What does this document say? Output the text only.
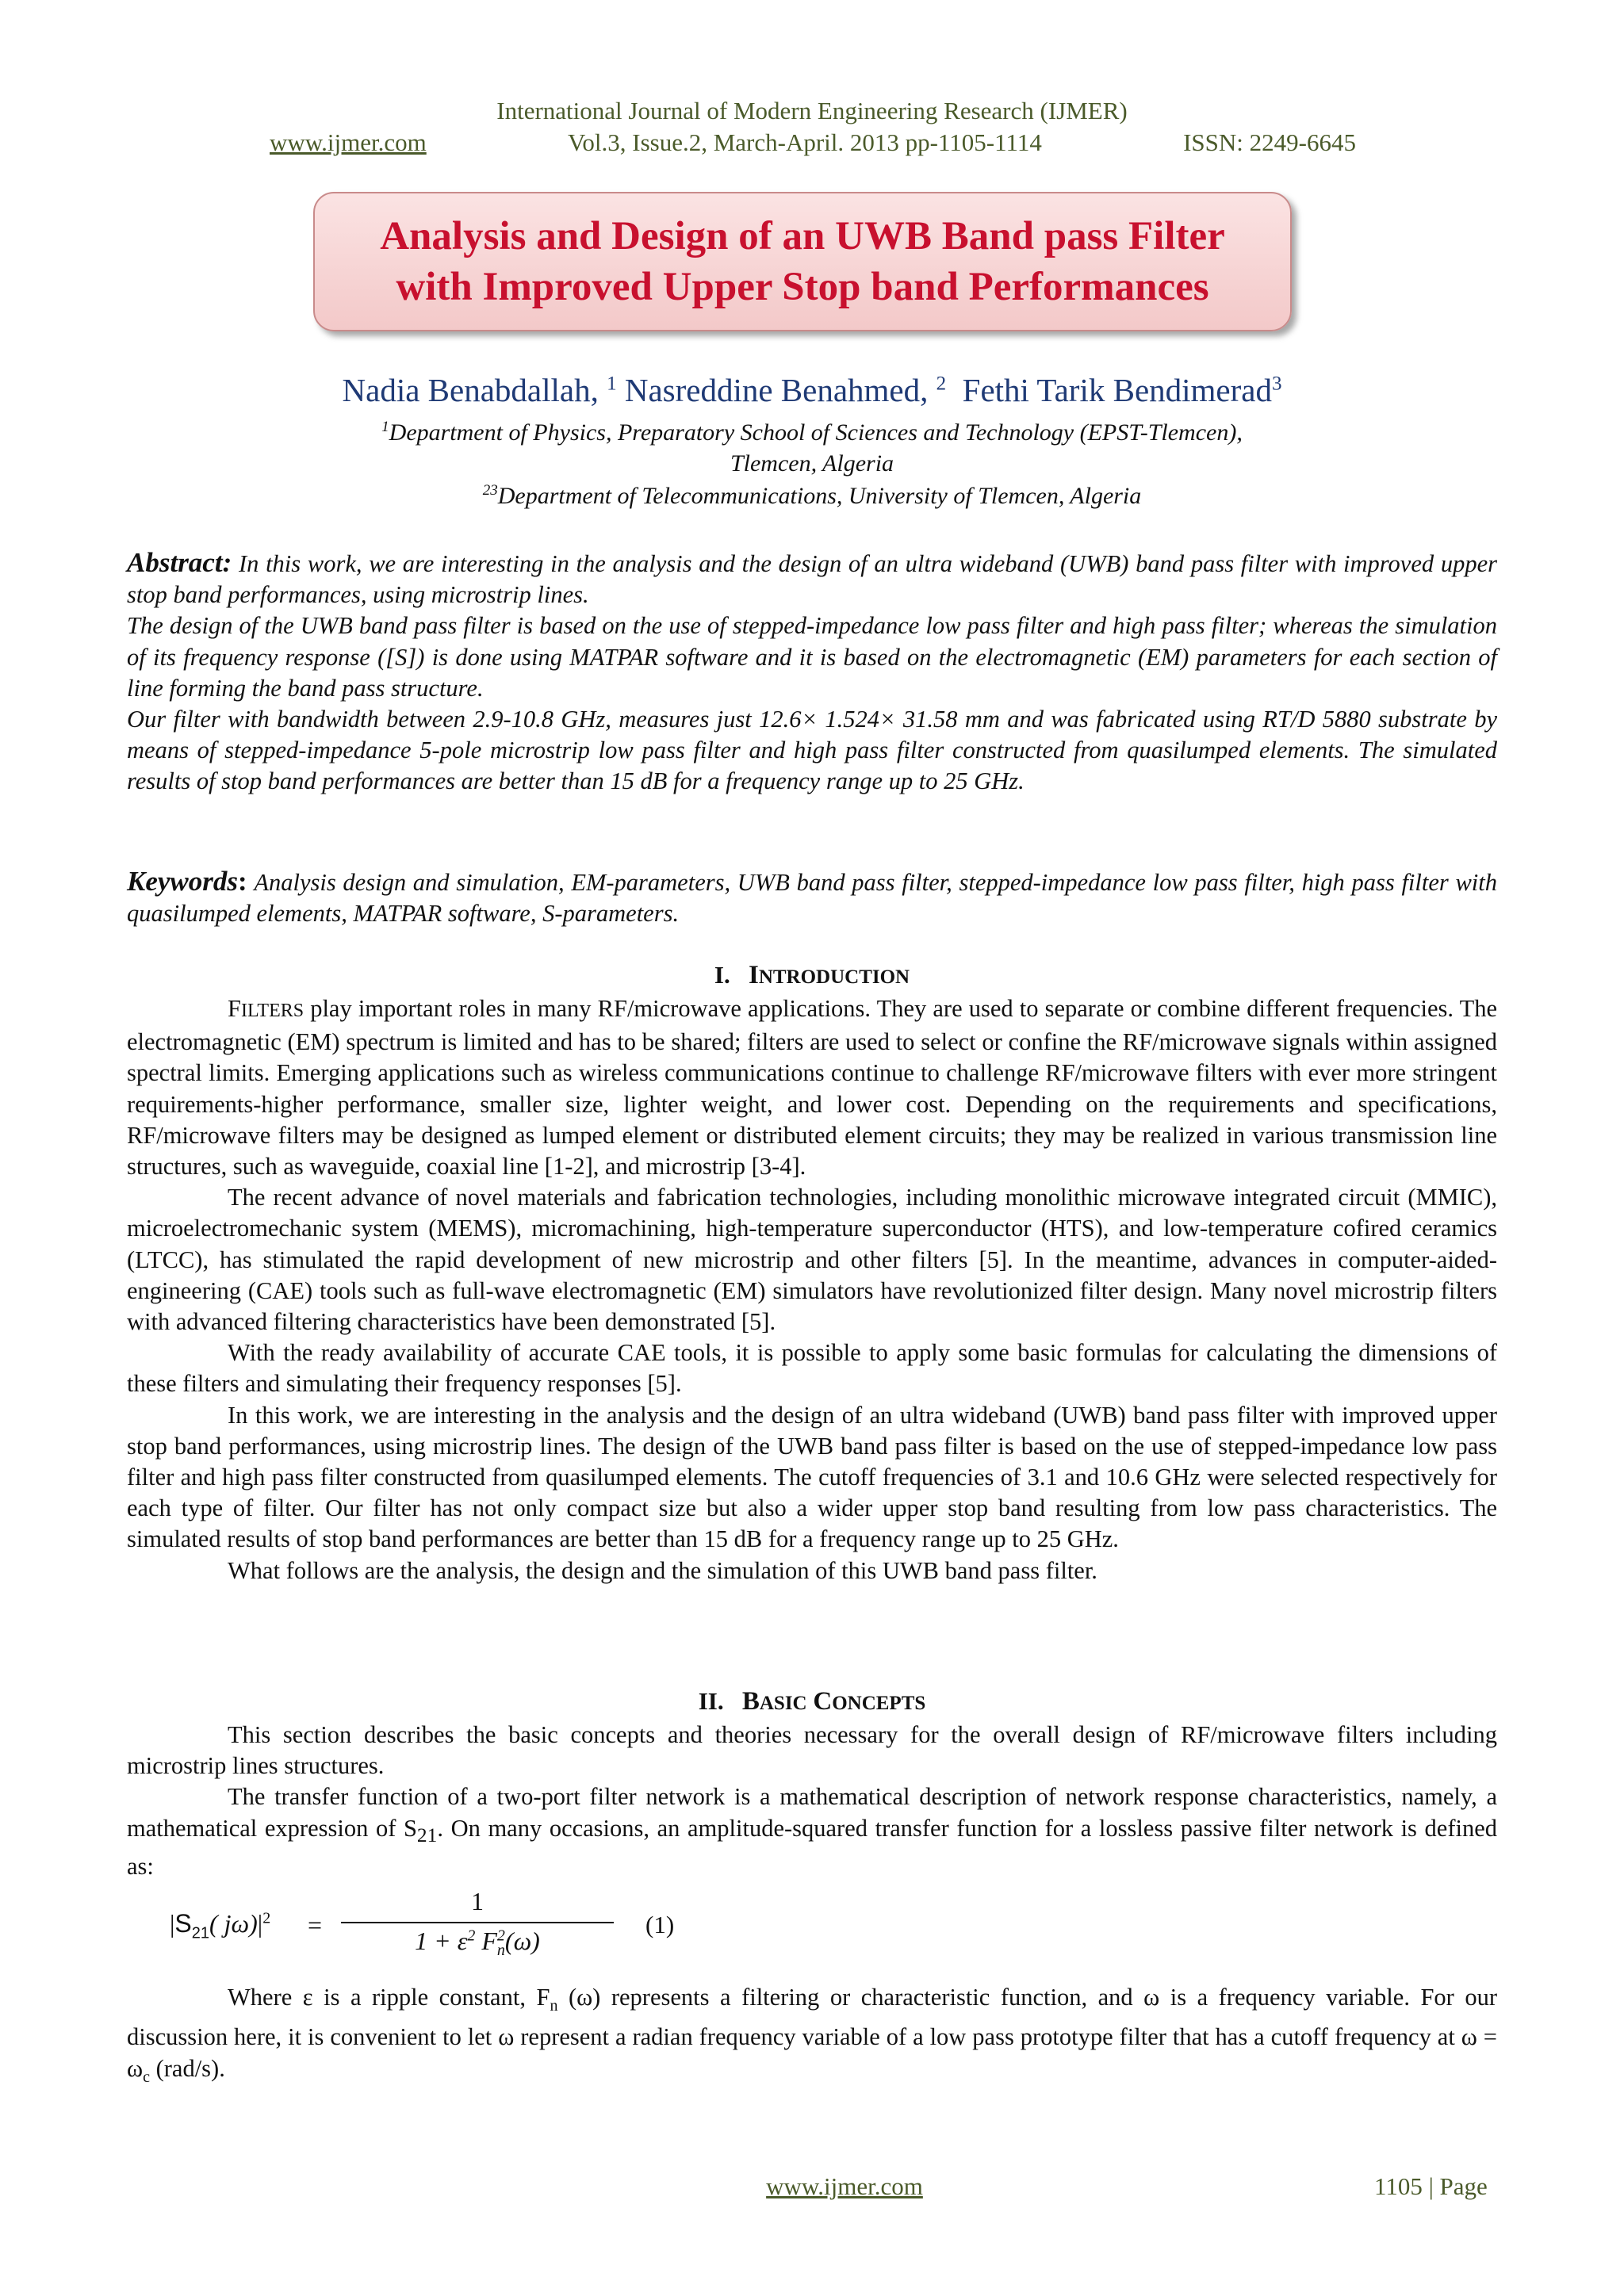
International Journal of Modern Engineering Research (IJMER)
www.ijmer.com	Vol.3, Issue.2, March-April. 2013 pp-1105-1114	ISSN: 2249-6645
Analysis and Design of an UWB Band pass Filter
with Improved Upper Stop band Performances
Nadia Benabdallah, $^1$ Nasreddine Benahmed, $^2$ Fethi Tarik Bendimerad$^3$
$^1$Department of Physics, Preparatory School of Sciences and Technology (EPST-Tlemcen),
Tlemcen, Algeria
$^{23}$Department of Telecommunications, University of Tlemcen, Algeria

Abstract: In this work, we are interesting in the analysis and the design of an ultra wideband (UWB) band pass filter with improved upper stop band performances, using microstrip lines.

The design of the UWB band pass filter is based on the use of stepped-impedance low pass filter and high pass filter; whereas the simulation of its frequency response ([S]) is done using MATPAR software and it is based on the electromagnetic (EM) parameters for each section of line forming the band pass structure.

Our filter with bandwidth between 2.9-10.8 GHz, measures just 12.6× 1.524× 31.58 mm and was fabricated using RT/D 5880 substrate by means of stepped-impedance 5-pole microstrip low pass filter and high pass filter constructed from quasilumped elements. The simulated results of stop band performances are better than 15 dB for a frequency range up to 25 GHz.

Keywords: Analysis design and simulation, EM-parameters, UWB band pass filter, stepped-impedance low pass filter, high pass filter with quasilumped elements, MATPAR software, S-parameters.

I. INTRODUCTION

FILTERS play important roles in many RF/microwave applications. They are used to separate or combine different frequencies. The electromagnetic (EM) spectrum is limited and has to be shared; filters are used to select or confine the RF/microwave signals within assigned spectral limits. Emerging applications such as wireless communications continue to challenge RF/microwave filters with ever more stringent requirements-higher performance, smaller size, lighter weight, and lower cost. Depending on the requirements and specifications, RF/microwave filters may be designed as lumped element or distributed element circuits; they may be realized in various transmission line structures, such as waveguide, coaxial line [1-2], and microstrip [3-4].

The recent advance of novel materials and fabrication technologies, including monolithic microwave integrated circuit (MMIC), microelectromechanic system (MEMS), micromachining, high-temperature superconductor (HTS), and low-temperature cofired ceramics (LTCC), has stimulated the rapid development of new microstrip and other filters [5]. In the meantime, advances in computer-aided-engineering (CAE) tools such as full-wave electromagnetic (EM) simulators have revolutionized filter design. Many novel microstrip filters with advanced filtering characteristics have been demonstrated [5].

With the ready availability of accurate CAE tools, it is possible to apply some basic formulas for calculating the dimensions of these filters and simulating their frequency responses [5].

In this work, we are interesting in the analysis and the design of an ultra wideband (UWB) band pass filter with improved upper stop band performances, using microstrip lines. The design of the UWB band pass filter is based on the use of stepped-impedance low pass filter and high pass filter constructed from quasilumped elements. The cutoff frequencies of 3.1 and 10.6 GHz were selected respectively for each type of filter. Our filter has not only compact size but also a wider upper stop band resulting from low pass characteristics. The simulated results of stop band performances are better than 15 dB for a frequency range up to 25 GHz.

What follows are the analysis, the design and the simulation of this UWB band pass filter.

II. BASIC CONCEPTS

This section describes the basic concepts and theories necessary for the overall design of RF/microwave filters including microstrip lines structures.

The transfer function of a two-port filter network is a mathematical description of network response characteristics, namely, a mathematical expression of $S_{21}$. On many occasions, an amplitude-squared transfer function for a lossless passive filter network is defined as:

$|S_{21}$( $j\omega)|^2$ =
1
$1 + \varepsilon^2$ $F^2_n(\omega)$
(1)

Where ε is a ripple constant, $F_n$ (ω) represents a filtering or characteristic function, and ω is a frequency variable. For our discussion here, it is convenient to let ω represent a radian frequency variable of a low pass prototype filter that has a cutoff frequency at $\omega = \omega_c$ (rad/s).

www.ijmer.com	1105 | Page
